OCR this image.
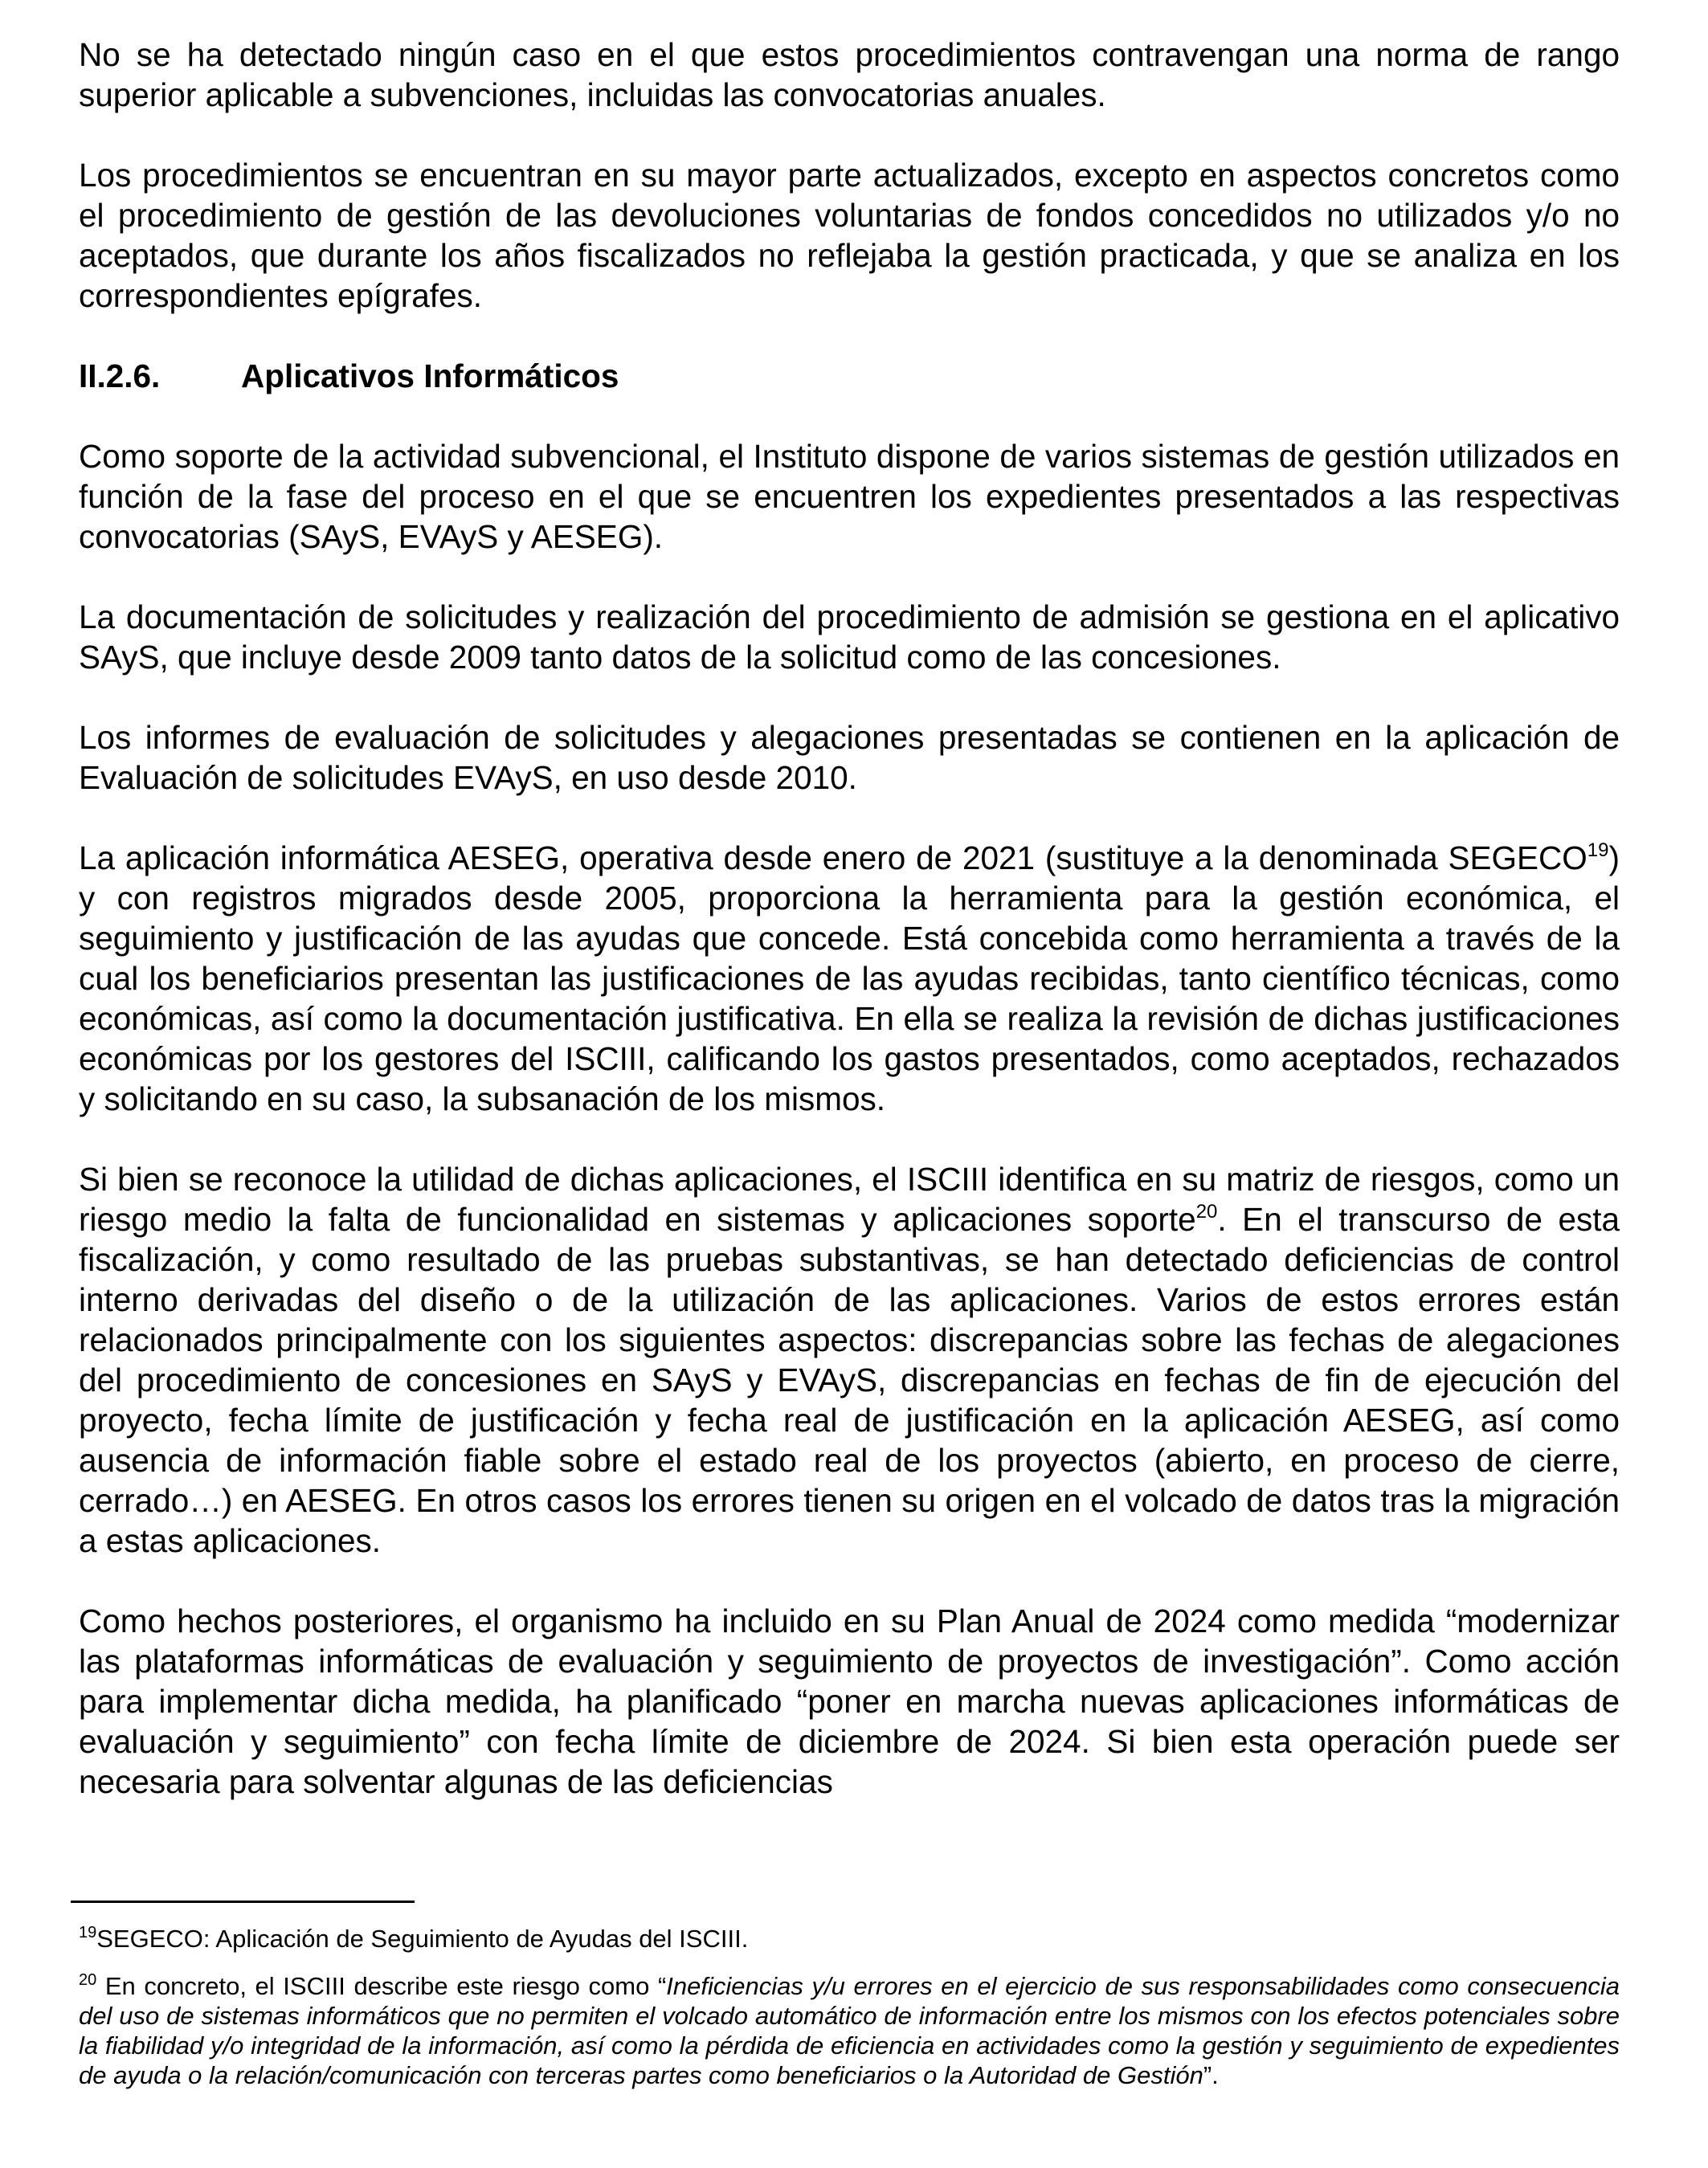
No se ha detectado ningún caso en el que estos procedimientos contravengan una norma de rango superior aplicable a subvenciones, incluidas las convocatorias anuales.

Los procedimientos se encuentran en su mayor parte actualizados, excepto en aspectos concretos como el procedimiento de gestión de las devoluciones voluntarias de fondos concedidos no utilizados y/o no aceptados, que durante los años fiscalizados no reflejaba la gestión practicada, y que se analiza en los correspondientes epígrafes.

II.2.6.	Aplicativos Informáticos

Como soporte de la actividad subvencional, el Instituto dispone de varios sistemas de gestión utilizados en función de la fase del proceso en el que se encuentren los expedientes presentados a las respectivas convocatorias (SAyS, EVAyS y AESEG).

La documentación de solicitudes y realización del procedimiento de admisión se gestiona en el aplicativo SAyS, que incluye desde 2009 tanto datos de la solicitud como de las concesiones.

Los informes de evaluación de solicitudes y alegaciones presentadas se contienen en la aplicación de Evaluación de solicitudes EVAyS, en uso desde 2010.

La aplicación informática AESEG, operativa desde enero de 2021 (sustituye a la denominada SEGECO$^{19}$) y con registros migrados desde 2005, proporciona la herramienta para la gestión económica, el seguimiento y justificación de las ayudas que concede. Está concebida como herramienta a través de la cual los beneficiarios presentan las justificaciones de las ayudas recibidas, tanto científico técnicas, como económicas, así como la documentación justificativa. En ella se realiza la revisión de dichas justificaciones económicas por los gestores del ISCIII, calificando los gastos presentados, como aceptados, rechazados y solicitando en su caso, la subsanación de los mismos.

Si bien se reconoce la utilidad de dichas aplicaciones, el ISCIII identifica en su matriz de riesgos, como un riesgo medio la falta de funcionalidad en sistemas y aplicaciones soporte$^{20}$. En el transcurso de esta fiscalización, y como resultado de las pruebas substantivas, se han detectado deficiencias de control interno derivadas del diseño o de la utilización de las aplicaciones. Varios de estos errores están relacionados principalmente con los siguientes aspectos: discrepancias sobre las fechas de alegaciones del procedimiento de concesiones en SAyS y EVAyS, discrepancias en fechas de fin de ejecución del proyecto, fecha límite de justificación y fecha real de justificación en la aplicación AESEG, así como ausencia de información fiable sobre el estado real de los proyectos (abierto, en proceso de cierre, cerrado…) en AESEG. En otros casos los errores tienen su origen en el volcado de datos tras la migración a estas aplicaciones.

Como hechos posteriores, el organismo ha incluido en su Plan Anual de 2024 como medida “modernizar las plataformas informáticas de evaluación y seguimiento de proyectos de investigación”. Como acción para implementar dicha medida, ha planificado “poner en marcha nuevas aplicaciones informáticas de evaluación y seguimiento” con fecha límite de diciembre de 2024. Si bien esta operación puede ser necesaria para solventar algunas de las deficiencias

$^{19}$SEGECO: Aplicación de Seguimiento de Ayudas del ISCIII.

$^{20}$ En concreto, el ISCIII describe este riesgo como “Ineficiencias y/u errores en el ejercicio de sus responsabilidades como consecuencia del uso de sistemas informáticos que no permiten el volcado automático de información entre los mismos con los efectos potenciales sobre la fiabilidad y/o integridad de la información, así como la pérdida de eficiencia en actividades como la gestión y seguimiento de expedientes de ayuda o la relación/comunicación con terceras partes como beneficiarios o la Autoridad de Gestión”.
